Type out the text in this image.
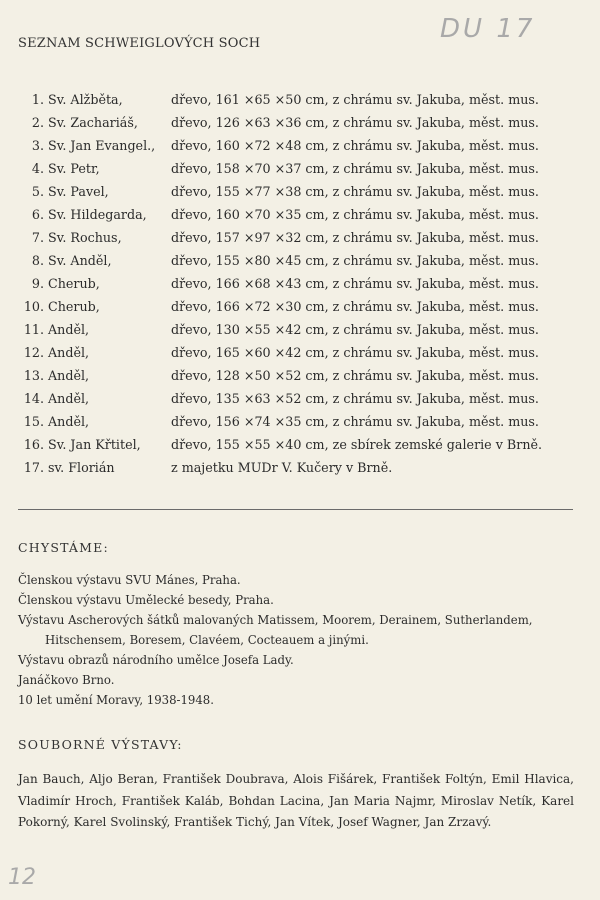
SEZNAM SCHWEIGLOVÝCH SOCH	DU 17
1. Sv. Alžběta,	dřevo, 161 ×65 ×50 cm, z chrámu sv. Jakuba, měst. mus.
2. Sv. Zachariáš,	dřevo, 126 ×63 ×36 cm, z chrámu sv. Jakuba, měst. mus.
3. Sv. Jan Evangel., dřevo, 160 ×72 ×48 cm, z chrámu sv. Jakuba, měst. mus.
4. Sv. Petr,	dřevo, 158 ×70 ×37 cm, z chrámu sv. Jakuba, měst. mus.
5. Sv. Pavel,	dřevo, 155 ×77 ×38 cm, z chrámu sv. Jakuba, měst. mus.
6. Sv. Hildegarda, dřevo, 160 ×70 ×35 cm, z chrámu sv. Jakuba, měst. mus.
7. Sv. Rochus,	dřevo, 157 ×97 ×32 cm, z chrámu sv. Jakuba, měst. mus.
8. Sv. Anděl,	dřevo, 155 ×80 ×45 cm, z chrámu sv. Jakuba, měst. mus.
9. Cherub,	dřevo, 166 ×68 ×43 cm, z chrámu sv. Jakuba, měst. mus.
10. Cherub,	dřevo, 166 ×72 ×30 cm, z chrámu sv. Jakuba, měst. mus.
11. Anděl,	dřevo, 130 ×55 ×42 cm, z chrámu sv. Jakuba, měst. mus.
12. Anděl,	dřevo, 165 ×60 ×42 cm, z chrámu sv. Jakuba, měst. mus.
13. Anděl,	dřevo, 128 ×50 ×52 cm, z chrámu sv. Jakuba, měst. mus.
14. Anděl,	dřevo, 135 ×63 ×52 cm, z chrámu sv. Jakuba, měst. mus.
15. Anděl,	dřevo, 156 ×74 ×35 cm, z chrámu sv. Jakuba, měst. mus.
16. Sv. Jan Křtitel, dřevo, 155 ×55 ×40 cm, ze sbírek zemské galerie v Brně.
17. sv. Florián	z majetku MUDr V. Kučery v Brně.
CHYSTÁME:
Členskou výstavu SVU Mánes, Praha.
Členskou výstavu Umělecké besedy, Praha.
Výstavu Ascherových šátků malovaných Matissem, Moorem, Derainem, Sutherlandem,
Hitschensem, Boresem, Clavéem, Cocteauem a jinými.
Výstavu obrazů národního umělce Josefa Lady.
Janáčkovo Brno.
10 let umění Moravy, 1938-1948.
SOUBORNÉ VÝSTAVY:
Jan Bauch, Aljo Beran, František Doubrava, Alois Fišárek, František Foltýn, Emil Hlavica, Vladimír Hroch, František Kaláb, Bohdan Lacina, Jan Maria Najmr, Miroslav Netík, Karel Pokorný, Karel Svolinský, František Tichý, Jan Vítek, Josef Wagner, Jan Zrzavý.
12
